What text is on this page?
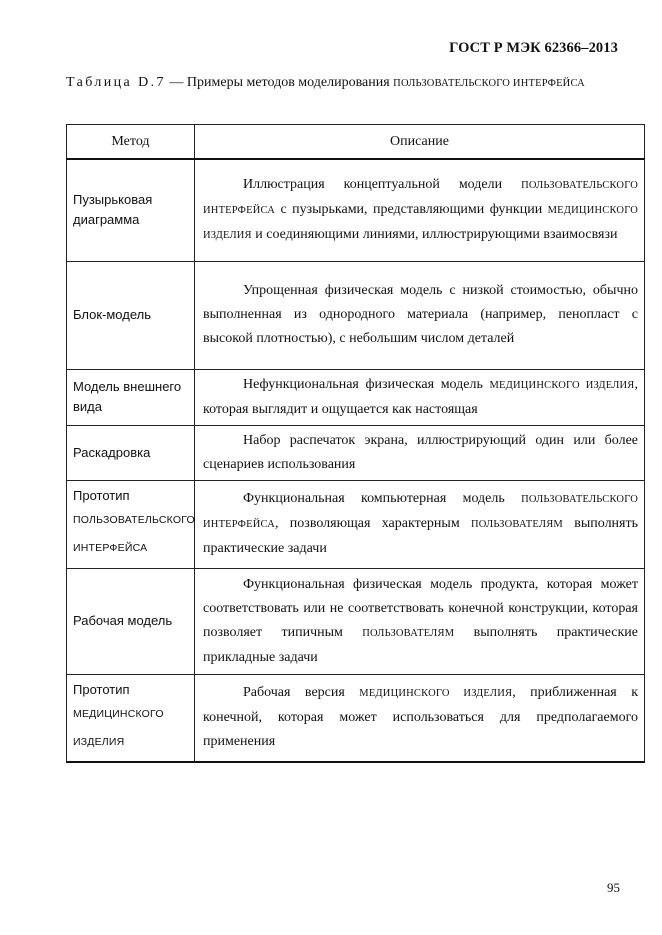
ГОСТ Р МЭК 62366–2013
Таблица D.7 — Примеры методов моделирования ПОЛЬЗОВАТЕЛЬСКОГО ИНТЕРФЕЙСА
Метод	Описание
Пузырьковая диаграмма	Иллюстрация концептуальной модели ПОЛЬЗОВАТЕЛЬСКОГО ИНТЕРФЕЙСА с пузырьками, представляющими функции МЕДИЦИНСКОГО ИЗДЕЛИЯ и соединяющими линиями, иллюстрирующими взаимосвязи

Блок-модель	Упрощенная физическая модель с низкой стоимостью, обычно выполненная из однородного материала (например, пенопласт с высокой плотностью), с небольшим числом деталей

Модель внешнего вида	Нефункциональная физическая модель МЕДИЦИНСКОГО ИЗДЕЛИЯ, которая выглядит и ощущается как настоящая

Раскадровка	Набор распечаток экрана, иллюстрирующий один или более сценариев использования

Прототип
ПОЛЬЗОВАТЕЛЬСКОГО ИНТЕРФЕЙСА	Функциональная компьютерная модель ПОЛЬЗОВАТЕЛЬСКОГО ИНТЕРФЕЙСА, позволяющая характерным ПОЛЬЗОВАТЕЛЯМ выполнять практические задачи

Рабочая модель	Функциональная физическая модель продукта, которая может соответствовать или не соответствовать конечной конструкции, которая позволяет типичным ПОЛЬЗОВАТЕЛЯМ выполнять практические прикладные задачи

Прототип
МЕДИЦИНСКОГО ИЗДЕЛИЯ	Рабочая версия МЕДИЦИНСКОГО ИЗДЕЛИЯ, приближенная к конечной, которая может использоваться для предполагаемого применения

95
